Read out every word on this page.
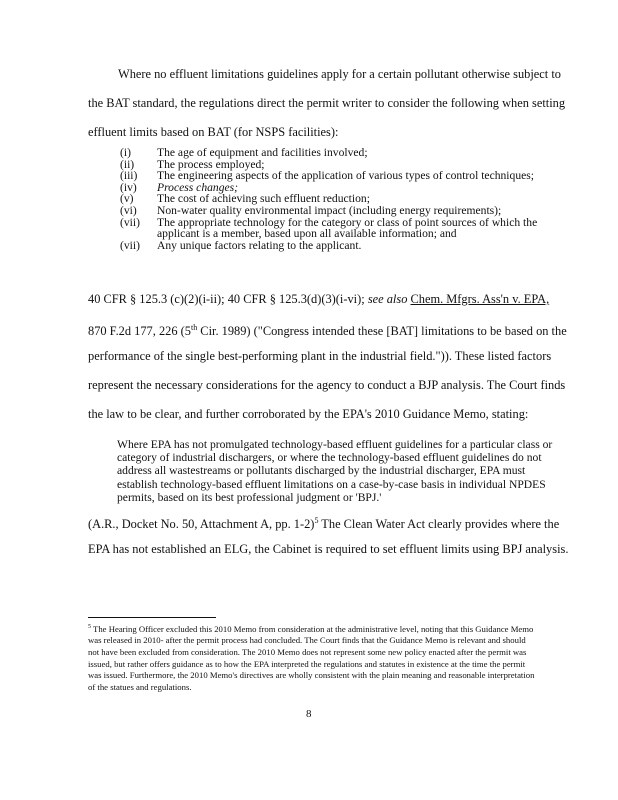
Where no effluent limitations guidelines apply for a certain pollutant otherwise subject to
the BAT standard, the regulations direct the permit writer to consider the following when setting
effluent limits based on BAT (for NSPS facilities):
(i)	The age of equipment and facilities involved;
(ii)	The process employed;
(iii)	The engineering aspects of the application of various types of control techniques;
(iv)	Process changes;
(v)	The cost of achieving such effluent reduction;
(vi)	Non-water quality environmental impact (including energy requirements);
(vii)	The appropriate technology for the category or class of point sources of which the applicant is a member, based upon all available information; and
(vii)	Any unique factors relating to the applicant.
40 CFR § 125.3 (c)(2)(i-ii); 40 CFR § 125.3(d)(3)(i-vi); see also Chem. Mfgrs. Ass'n v. EPA,
870 F.2d 177, 226 (5th Cir. 1989) ("Congress intended these [BAT] limitations to be based on the
performance of the single best-performing plant in the industrial field.")). These listed factors
represent the necessary considerations for the agency to conduct a BJP analysis. The Court finds
the law to be clear, and further corroborated by the EPA's 2010 Guidance Memo, stating:
Where EPA has not promulgated technology-based effluent guidelines for a particular class or category of industrial dischargers, or where the technology-based effluent guidelines do not address all wastestreams or pollutants discharged by the industrial discharger, EPA must establish technology-based effluent limitations on a case-by-case basis in individual NPDES permits, based on its best professional judgment or 'BPJ.'
(A.R., Docket No. 50, Attachment A, pp. 1-2)$^5$ The Clean Water Act clearly provides where the
EPA has not established an ELG, the Cabinet is required to set effluent limits using BPJ analysis.
$^5$ The Hearing Officer excluded this 2010 Memo from consideration at the administrative level, noting that this Guidance Memo was released in 2010- after the permit process had concluded. The Court finds that the Guidance Memo is relevant and should not have been excluded from consideration. The 2010 Memo does not represent some new policy enacted after the permit was issued, but rather offers guidance as to how the EPA interpreted the regulations and statutes in existence at the time the permit was issued. Furthermore, the 2010 Memo's directives are wholly consistent with the plain meaning and reasonable interpretation of the statues and regulations.
8
